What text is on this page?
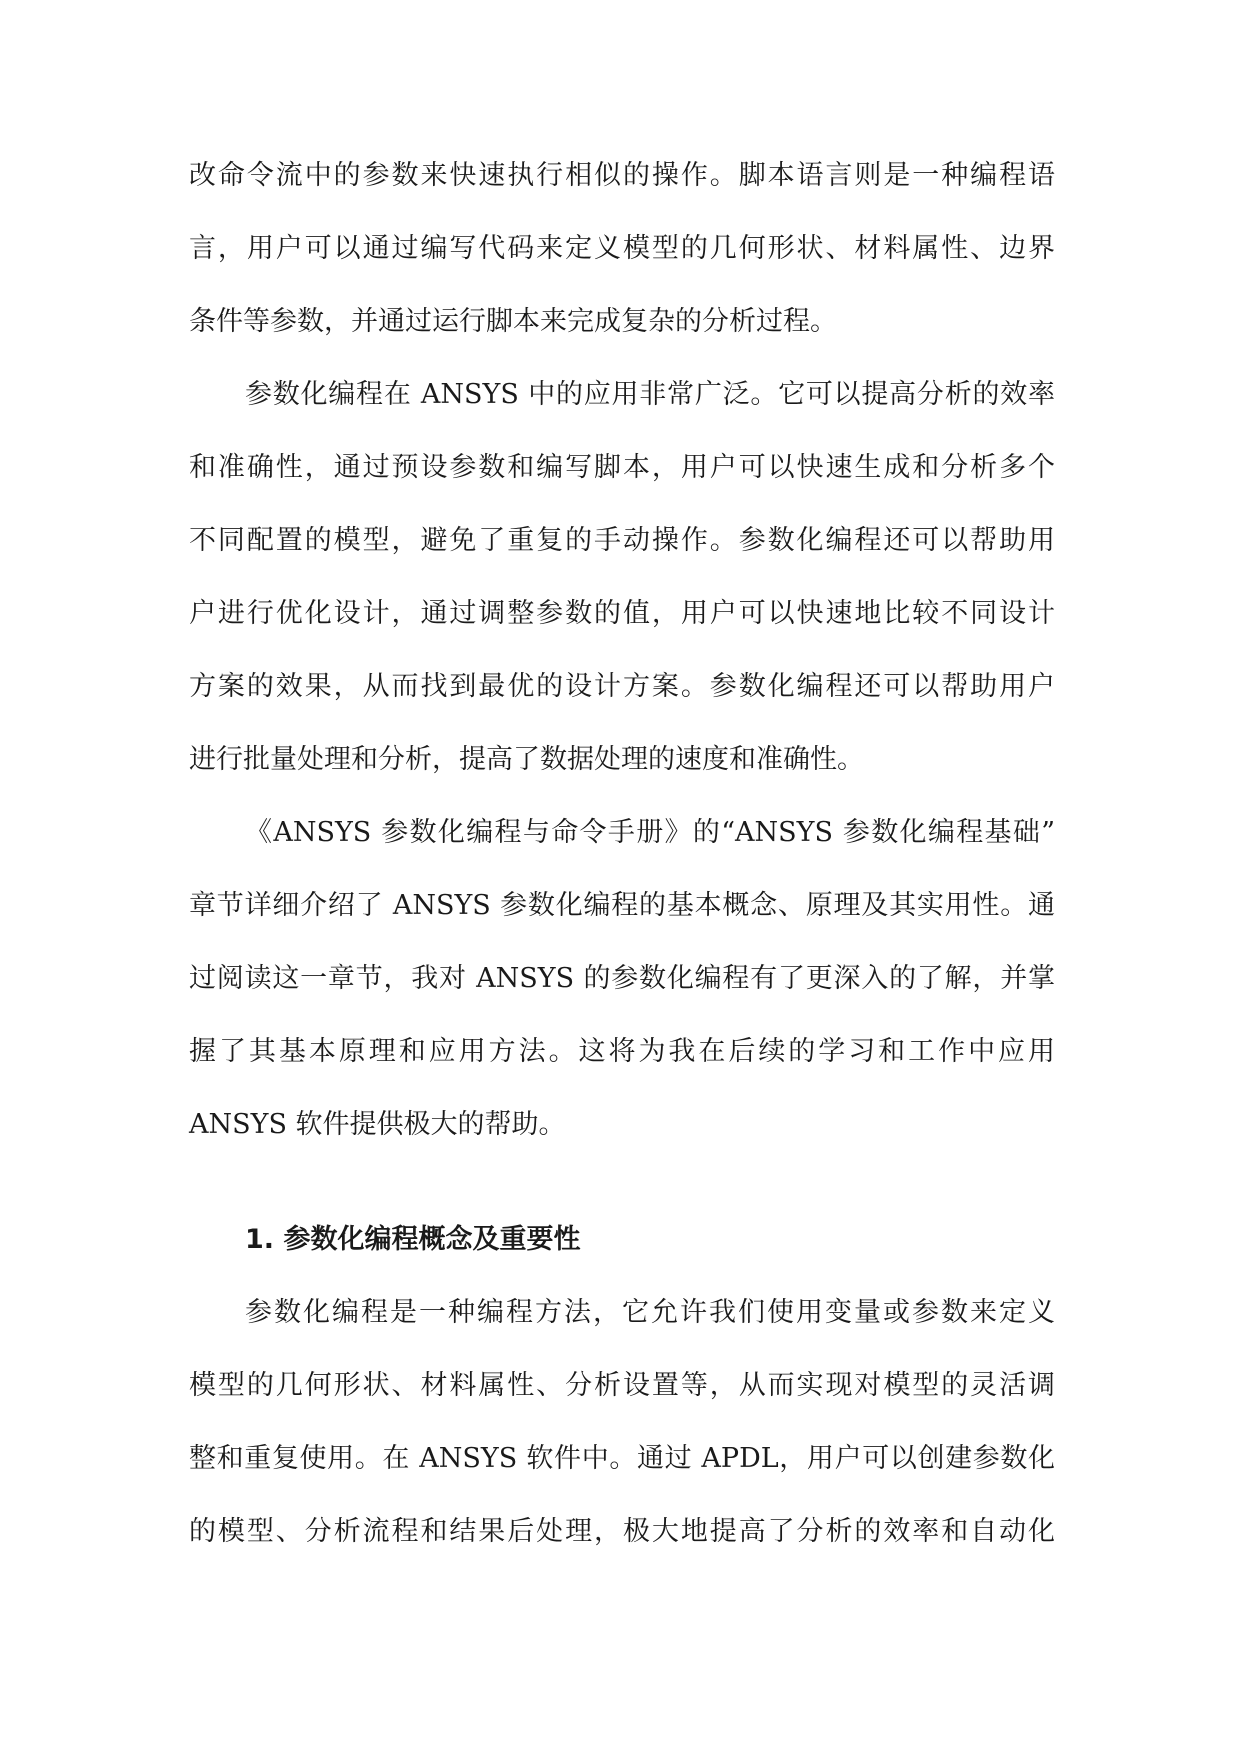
改命令流中的参数来快速执行相似的操作。脚本语言则是一种编程语
言，用户可以通过编写代码来定义模型的几何形状、材料属性、边界
条件等参数，并通过运行脚本来完成复杂的分析过程。
参数化编程在 ANSYS 中的应用非常广泛。它可以提高分析的效率
和准确性，通过预设参数和编写脚本，用户可以快速生成和分析多个
不同配置的模型，避免了重复的手动操作。参数化编程还可以帮助用
户进行优化设计，通过调整参数的值，用户可以快速地比较不同设计
方案的效果，从而找到最优的设计方案。参数化编程还可以帮助用户
进行批量处理和分析，提高了数据处理的速度和准确性。
《ANSYS 参数化编程与命令手册》的“ANSYS 参数化编程基础”
章节详细介绍了 ANSYS 参数化编程的基本概念、原理及其实用性。通
过阅读这一章节，我对 ANSYS 的参数化编程有了更深入的了解，并掌
握了其基本原理和应用方法。这将为我在后续的学习和工作中应用
ANSYS 软件提供极大的帮助。
1. 参数化编程概念及重要性
参数化编程是一种编程方法，它允许我们使用变量或参数来定义
模型的几何形状、材料属性、分析设置等，从而实现对模型的灵活调
整和重复使用。在 ANSYS 软件中。通过 APDL，用户可以创建参数化
的模型、分析流程和结果后处理，极大地提高了分析的效率和自动化
